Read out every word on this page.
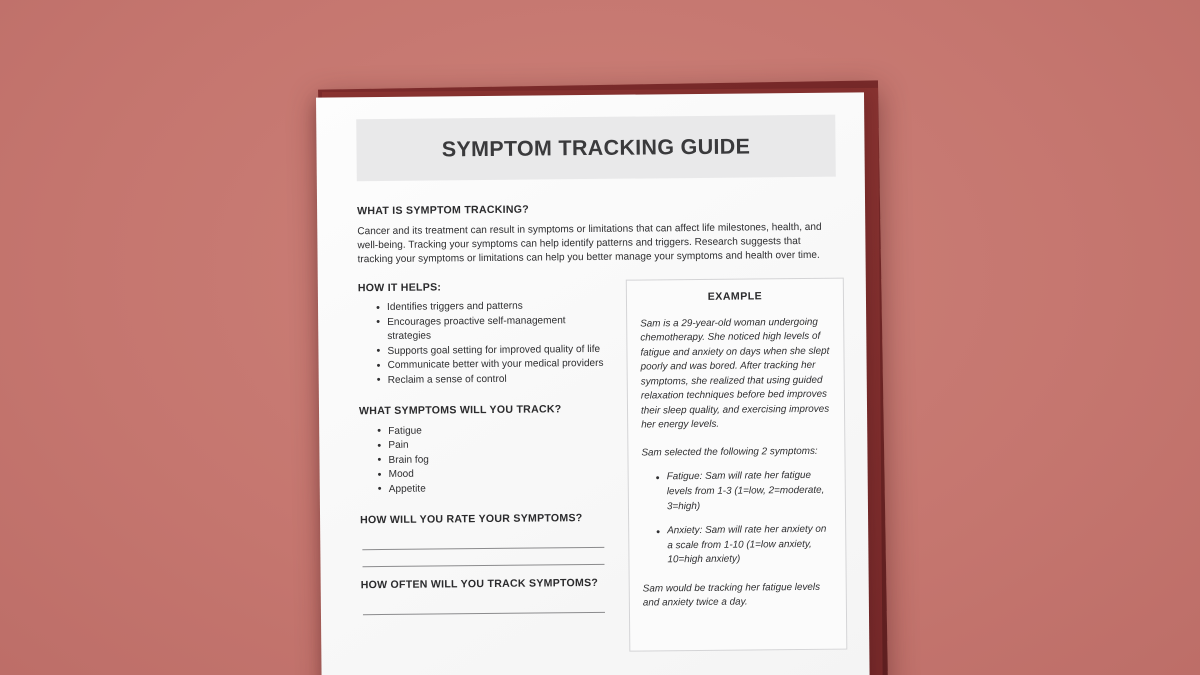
SYMPTOM TRACKING GUIDE
WHAT IS SYMPTOM TRACKING?

Cancer and its treatment can result in symptoms or limitations that can affect life milestones, health, and well-being. Tracking your symptoms can help identify patterns and triggers. Research suggests that tracking your symptoms or limitations can help you better manage your symptoms and health over time.

HOW IT HELPS:
• Identifies triggers and patterns
• Encourages proactive self-management strategies
• Supports goal setting for improved quality of life
• Communicate better with your medical providers
• Reclaim a sense of control
WHAT SYMPTOMS WILL YOU TRACK?
• Fatigue
• Pain
• Brain fog
• Mood
• Appetite
HOW WILL YOU RATE YOUR SYMPTOMS?
HOW OFTEN WILL YOU TRACK SYMPTOMS?
EXAMPLE

Sam is a 29-year-old woman undergoing chemotherapy. She noticed high levels of fatigue and anxiety on days when she slept poorly and was bored. After tracking her symptoms, she realized that using guided relaxation techniques before bed improves their sleep quality, and exercising improves her energy levels.

Sam selected the following 2 symptoms:

• Fatigue: Sam will rate her fatigue levels from 1-3 (1=low, 2=moderate, 3=high)
• Anxiety: Sam will rate her anxiety on a scale from 1-10 (1=low anxiety, 10=high anxiety)

Sam would be tracking her fatigue levels and anxiety twice a day.
